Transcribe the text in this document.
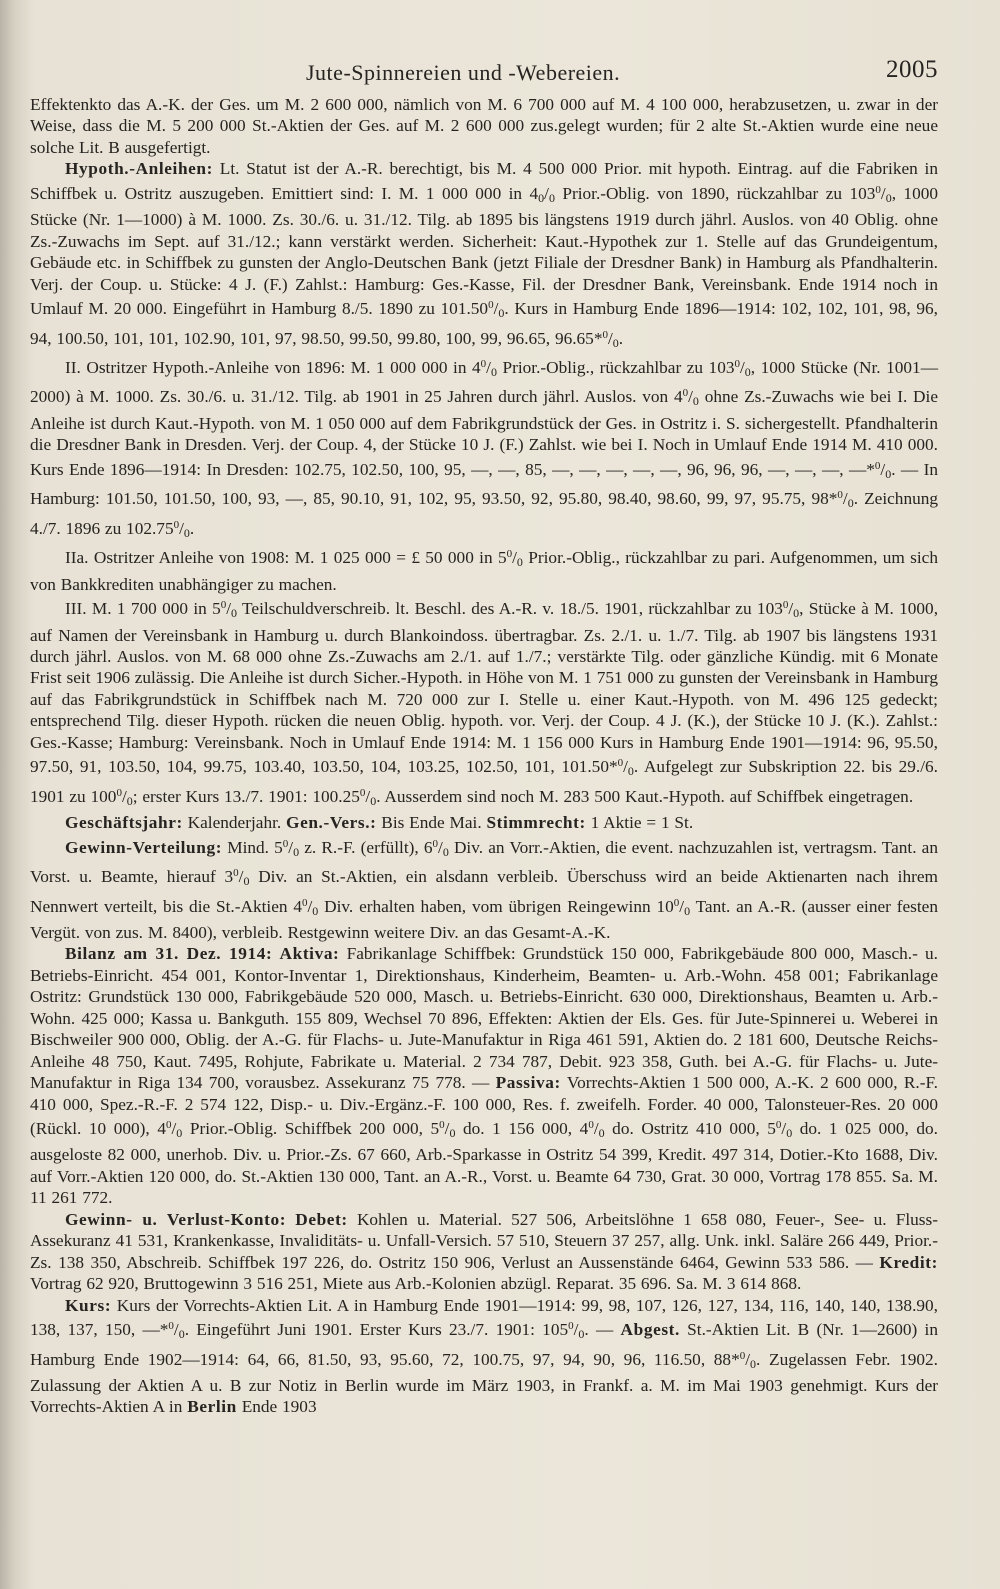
Jute-Spinnereien und -Webereien.	2005

Effektenkto das A.-K. der Ges. um M. 2 600 000, nämlich von M. 6 700 000 auf M. 4 100 000, herabzusetzen, u. zwar in der Weise, dass die M. 5 200 000 St.-Aktien der Ges. auf M. 2 600 000 zus.gelegt wurden; für 2 alte St.-Aktien wurde eine neue solche Lit. B ausgefertigt.

Hypoth.-Anleihen: Lt. Statut ist der A.-R. berechtigt, bis M. 4 500 000 Prior. mit hypoth. Eintrag. auf die Fabriken in Schiffbek u. Ostritz auszugeben. Emittiert sind: I. M. 1 000 000 in $4_0/_0$ Prior.-Oblig. von 1890, rückzahlbar zu $103^0/_0$, 1000 Stücke (Nr. 1—1000) à M. 1000. Zs. 30./6. u. 31./12. Tilg. ab 1895 bis längstens 1919 durch jährl. Auslos. von 40 Oblig. ohne Zs.-Zuwachs im Sept. auf 31./12.; kann verstärkt werden. Sicherheit: Kaut.-Hypothek zur 1. Stelle auf das Grundeigentum, Gebäude etc. in Schiffbek zu gunsten der Anglo-Deutschen Bank (jetzt Filiale der Dresdner Bank) in Hamburg als Pfandhalterin. Verj. der Coup. u. Stücke: 4 J. (F.) Zahlst.: Hamburg: Ges.-Kasse, Fil. der Dresdner Bank, Vereinsbank. Ende 1914 noch in Umlauf M. 20 000. Eingeführt in Hamburg 8./5. 1890 zu $101.50^0/_0$. Kurs in Hamburg Ende 1896—1914: 102, 102, 101, 98, 96, 94, 100.50, 101, 101, 102.90, 101, 97, 98.50, 99.50, 99.80, 100, 99, 96.65, $96.65*^0/_0$.

II. Ostritzer Hypoth.-Anleihe von 1896: M. 1 000 000 in $4^0/_0$ Prior.-Oblig., rückzahlbar zu $103^0/_0$, 1000 Stücke (Nr. 1001—2000) à M. 1000. Zs. 30./6. u. 31./12. Tilg. ab 1901 in 25 Jahren durch jährl. Auslos. von $4^0/_0$ ohne Zs.-Zuwachs wie bei I. Die Anleihe ist durch Kaut.-Hypoth. von M. 1 050 000 auf dem Fabrikgrundstück der Ges. in Ostritz i. S. sichergestellt. Pfandhalterin die Dresdner Bank in Dresden. Verj. der Coup. 4, der Stücke 10 J. (F.) Zahlst. wie bei I. Noch in Umlauf Ende 1914 M. 410 000. Kurs Ende 1896—1914: In Dresden: 102.75, 102.50, 100, 95, —, —, 85, —, —, —, —, —, 96, 96, 96, —, —, —, $—*^0/_0$. — In Hamburg: 101.50, 101.50, 100, 93, —, 85, 90.10, 91, 102, 95, 93.50, 92, 95.80, 98.40, 98.60, 99, 97, 95.75, $98*^0/_0$. Zeichnung 4./7. 1896 zu $102.75^0/_0$.

IIa. Ostritzer Anleihe von 1908: M. 1 025 000 = £ 50 000 in $5^0/_0$ Prior.-Oblig., rückzahlbar zu pari. Aufgenommen, um sich von Bankkrediten unabhängiger zu machen.

III. M. 1 700 000 in $5^0/_0$ Teilschuldverschreib. lt. Beschl. des A.-R. v. 18./5. 1901, rückzahlbar zu $103^0/_0$, Stücke à M. 1000, auf Namen der Vereinsbank in Hamburg u. durch Blankoindoss. übertragbar. Zs. 2./1. u. 1./7. Tilg. ab 1907 bis längstens 1931 durch jährl. Auslos. von M. 68 000 ohne Zs.-Zuwachs am 2./1. auf 1./7.; verstärkte Tilg. oder gänzliche Kündig. mit 6 Monate Frist seit 1906 zulässig. Die Anleihe ist durch Sicher.-Hypoth. in Höhe von M. 1 751 000 zu gunsten der Vereinsbank in Hamburg auf das Fabrikgrundstück in Schiffbek nach M. 720 000 zur I. Stelle u. einer Kaut.-Hypoth. von M. 496 125 gedeckt; entsprechend Tilg. dieser Hypoth. rücken die neuen Oblig. hypoth. vor. Verj. der Coup. 4 J. (K.), der Stücke 10 J. (K.). Zahlst.: Ges.-Kasse; Hamburg: Vereinsbank. Noch in Umlauf Ende 1914: M. 1 156 000 Kurs in Hamburg Ende 1901—1914: 96, 95.50, 97.50, 91, 103.50, 104, 99.75, 103.40, 103.50, 104, 103.25, 102.50, 101, $101.50*^0/_0$. Aufgelegt zur Subskription 22. bis 29./6. 1901 zu $100^0/_0$; erster Kurs 13./7. 1901: $100.25^0/_0$. Ausserdem sind noch M. 283 500 Kaut.-Hypoth. auf Schiffbek eingetragen.

Geschäftsjahr: Kalenderjahr. Gen.-Vers.: Bis Ende Mai. Stimmrecht: 1 Aktie = 1 St.

Gewinn-Verteilung: Mind. $5^0/_0$ z. R.-F. (erfüllt), $6^0/_0$ Div. an Vorr.-Aktien, die event. nachzuzahlen ist, vertragsm. Tant. an Vorst. u. Beamte, hierauf $3^0/_0$ Div. an St.-Aktien, ein alsdann verbleib. Überschuss wird an beide Aktienarten nach ihrem Nennwert verteilt, bis die St.-Aktien $4^0/_0$ Div. erhalten haben, vom übrigen Reingewinn $10^0/_0$ Tant. an A.-R. (ausser einer festen Vergüt. von zus. M. 8400), verbleib. Restgewinn weitere Div. an das Gesamt-A.-K.

Bilanz am 31. Dez. 1914: Aktiva: Fabrikanlage Schiffbek: Grundstück 150 000, Fabrikgebäude 800 000, Masch.- u. Betriebs-Einricht. 454 001, Kontor-Inventar 1, Direktionshaus, Kinderheim, Beamten- u. Arb.-Wohn. 458 001; Fabrikanlage Ostritz: Grundstück 130 000, Fabrikgebäude 520 000, Masch. u. Betriebs-Einricht. 630 000, Direktionshaus, Beamten u. Arb.-Wohn. 425 000; Kassa u. Bankguth. 155 809, Wechsel 70 896, Effekten: Aktien der Els. Ges. für Jute-Spinnerei u. Weberei in Bischweiler 900 000, Oblig. der A.-G. für Flachs- u. Jute-Manufaktur in Riga 461 591, Aktien do. 2 181 600, Deutsche Reichs-Anleihe 48 750, Kaut. 7495, Rohjute, Fabrikate u. Material. 2 734 787, Debit. 923 358, Guth. bei A.-G. für Flachs- u. Jute-Manufaktur in Riga 134 700, vorausbez. Assekuranz 75 778. — Passiva: Vorrechts-Aktien 1 500 000, A.-K. 2 600 000, R.-F. 410 000, Spez.-R.-F. 2 574 122, Disp.- u. Div.-Ergänz.-F. 100 000, Res. f. zweifelh. Forder. 40 000, Talonsteuer-Res. 20 000 (Rückl. 10 000), $4^0/_0$ Prior.-Oblig. Schiffbek 200 000, $5^0/_0$ do. 1 156 000, $4^0/_0$ do. Ostritz 410 000, $5^0/_0$ do. 1 025 000, do. ausgeloste 82 000, unerhob. Div. u. Prior.-Zs. 67 660, Arb.-Sparkasse in Ostritz 54 399, Kredit. 497 314, Dotier.-Kto 1688, Div. auf Vorr.-Aktien 120 000, do. St.-Aktien 130 000, Tant. an A.-R., Vorst. u. Beamte 64 730, Grat. 30 000, Vortrag 178 855. Sa. M. 11 261 772.

Gewinn- u. Verlust-Konto: Debet: Kohlen u. Material. 527 506, Arbeitslöhne 1 658 080, Feuer-, See- u. Fluss-Assekuranz 41 531, Krankenkasse, Invaliditäts- u. Unfall-Versich. 57 510, Steuern 37 257, allg. Unk. inkl. Saläre 266 449, Prior.-Zs. 138 350, Abschreib. Schiffbek 197 226, do. Ostritz 150 906, Verlust an Aussenstände 6464, Gewinn 533 586. — Kredit: Vortrag 62 920, Bruttogewinn 3 516 251, Miete aus Arb.-Kolonien abzügl. Reparat. 35 696. Sa. M. 3 614 868.

Kurs: Kurs der Vorrechts-Aktien Lit. A in Hamburg Ende 1901—1914: 99, 98, 107, 126, 127, 134, 116, 140, 140, 138.90, 138, 137, 150, $—*^0/_0$. Eingeführt Juni 1901. Erster Kurs 23./7. 1901: $105^0/_0$. — Abgest. St.-Aktien Lit. B (Nr. 1—2600) in Hamburg Ende 1902—1914: 64, 66, 81.50, 93, 95.60, 72, 100.75, 97, 94, 90, 96, 116.50, $88*^0/_0$. Zugelassen Febr. 1902. Zulassung der Aktien A u. B zur Notiz in Berlin wurde im März 1903, in Frankf. a. M. im Mai 1903 genehmigt. Kurs der Vorrechts-Aktien A in Berlin Ende 1903
